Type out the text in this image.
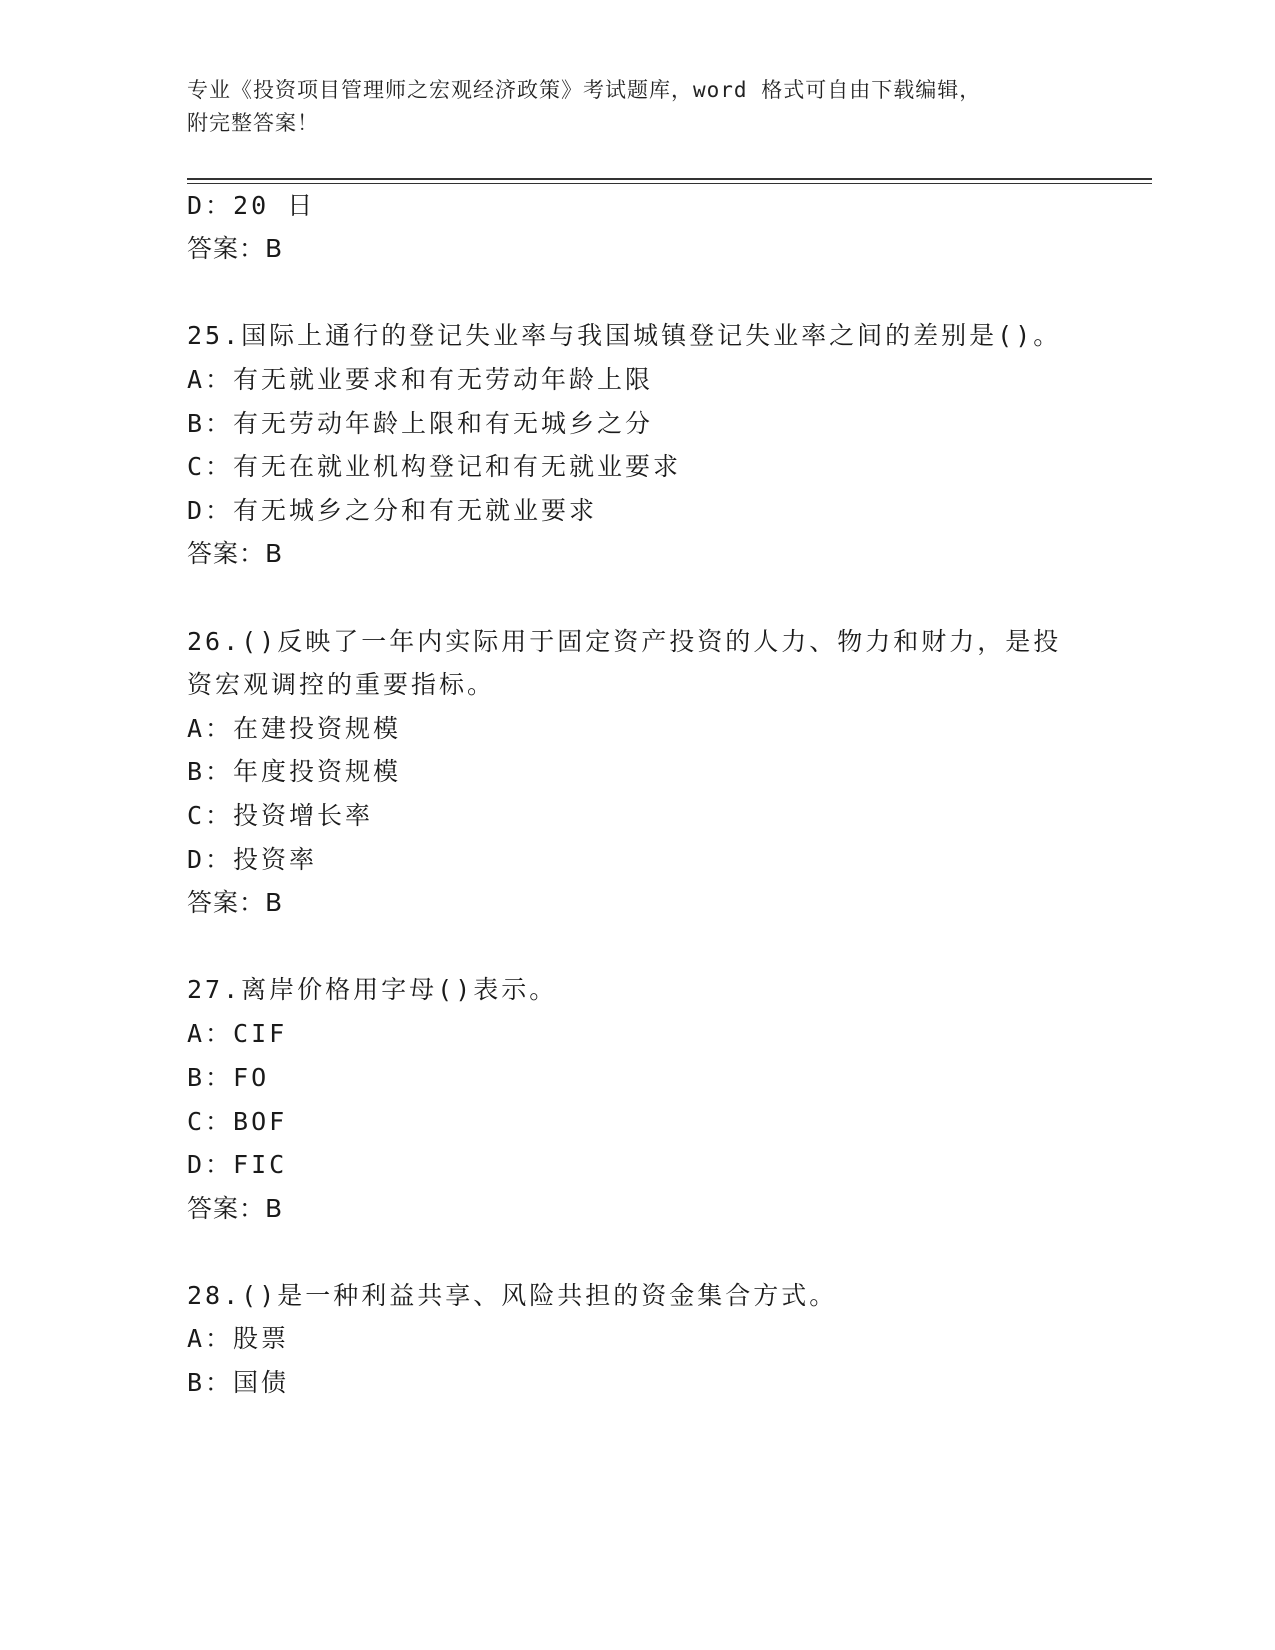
专业《投资项目管理师之宏观经济政策》考试题库，word 格式可自由下载编辑，
附完整答案！
D：20 日
答案：B
25.国际上通行的登记失业率与我国城镇登记失业率之间的差别是()。
A：有无就业要求和有无劳动年龄上限
B：有无劳动年龄上限和有无城乡之分
C：有无在就业机构登记和有无就业要求
D：有无城乡之分和有无就业要求
答案：B
26.()反映了一年内实际用于固定资产投资的人力、物力和财力，是投
资宏观调控的重要指标。
A：在建投资规模
B：年度投资规模
C：投资增长率
D：投资率
答案：B
27.离岸价格用字母()表示。
A：CIF
B：FO
C：BOF
D：FIC
答案：B
28.()是一种利益共享、风险共担的资金集合方式。
A：股票
B：国债
